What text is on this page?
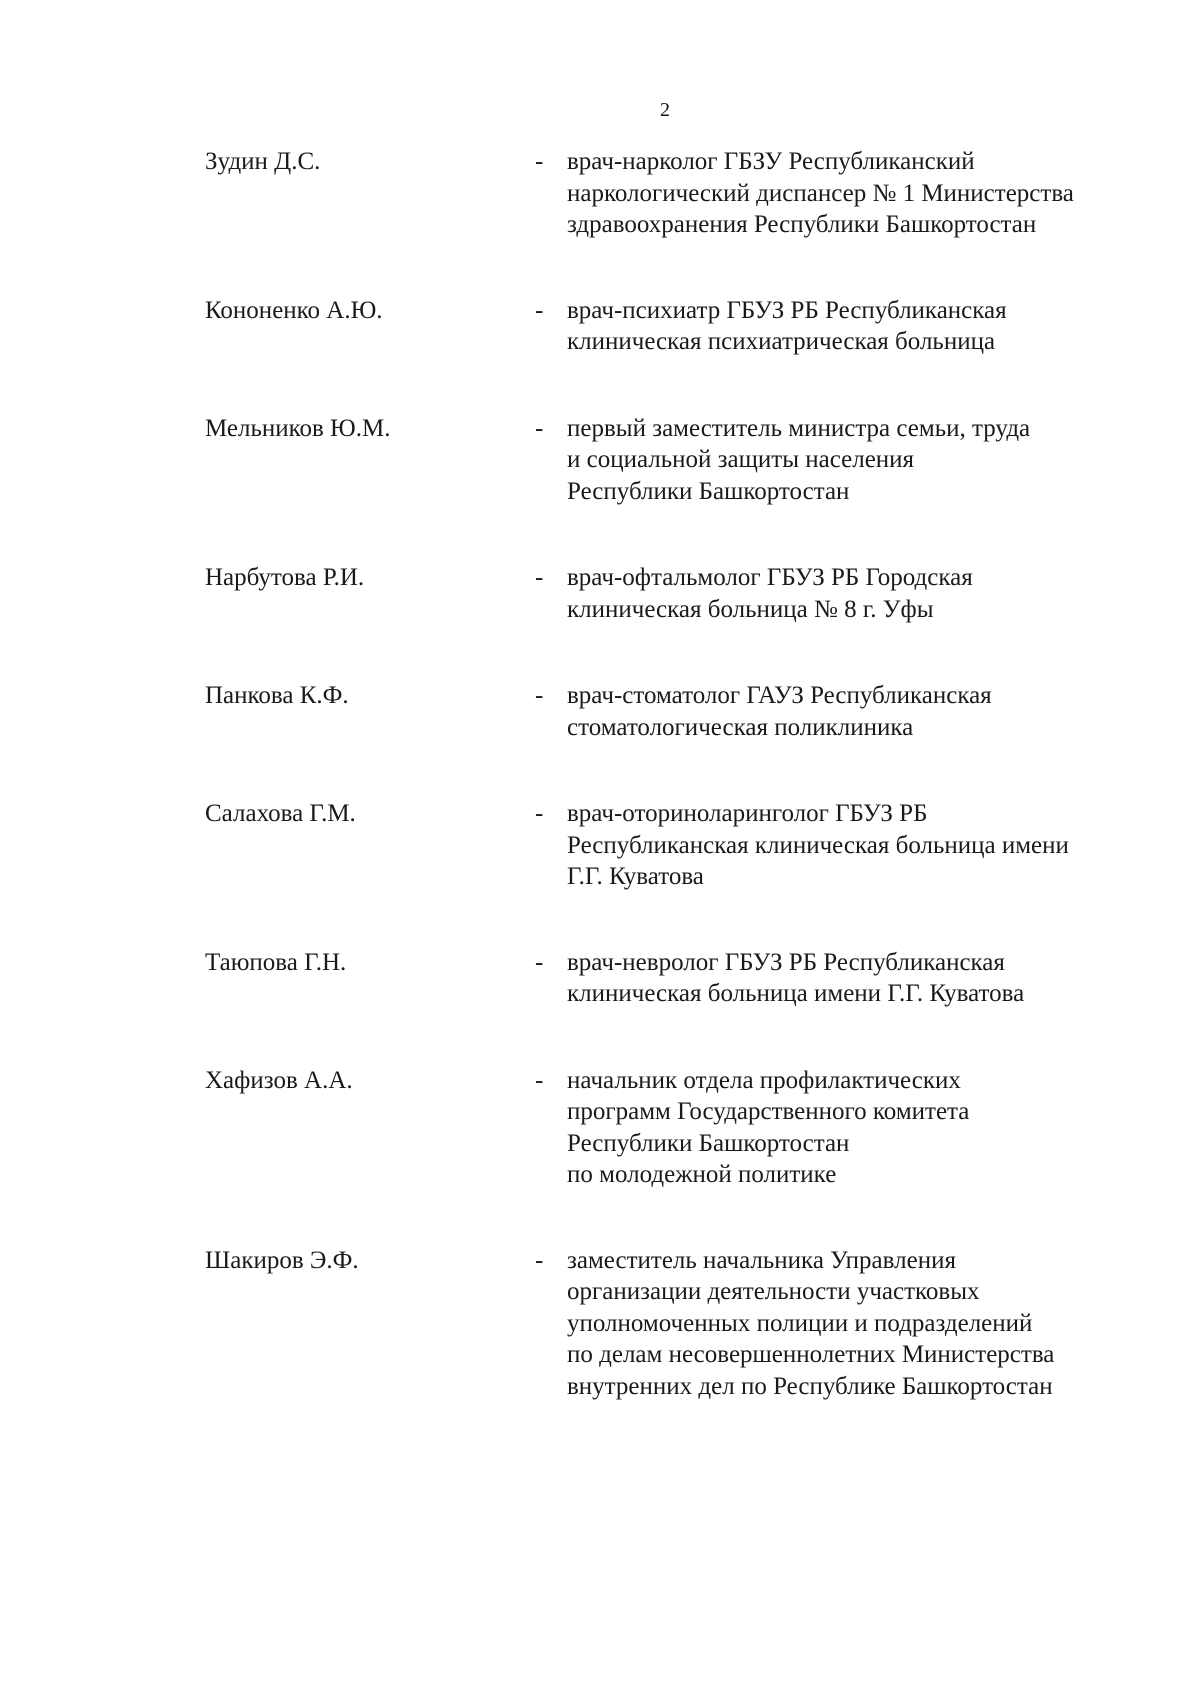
2
Зудин Д.С.	- врач-нарколог ГБЗУ Республиканский
наркологический диспансер № 1 Министерства
здравоохранения Республики Башкортостан
Кононенко А.Ю.	- врач-психиатр ГБУЗ РБ Республиканская
клиническая психиатрическая больница
Мельников Ю.М.	- первый заместитель министра семьи, труда
и социальной защиты населения
Республики Башкортостан
Нарбутова Р.И.	- врач-офтальмолог ГБУЗ РБ Городская
клиническая больница № 8 г. Уфы
Панкова К.Ф.	- врач-стоматолог ГАУЗ Республиканская
стоматологическая поликлиника
Салахова Г.М.	- врач-оториноларинголог ГБУЗ РБ
Республиканская клиническая больница имени
Г.Г. Куватова
Таюпова Г.Н.	- врач-невролог ГБУЗ РБ Республиканская
клиническая больница имени Г.Г. Куватова
Хафизов А.А.	- начальник отдела профилактических
программ Государственного комитета
Республики Башкортостан
по молодежной политике
Шакиров Э.Ф.	- заместитель начальника Управления
организации деятельности участковых
уполномоченных полиции и подразделений
по делам несовершеннолетних Министерства
внутренних дел по Республике Башкортостан
